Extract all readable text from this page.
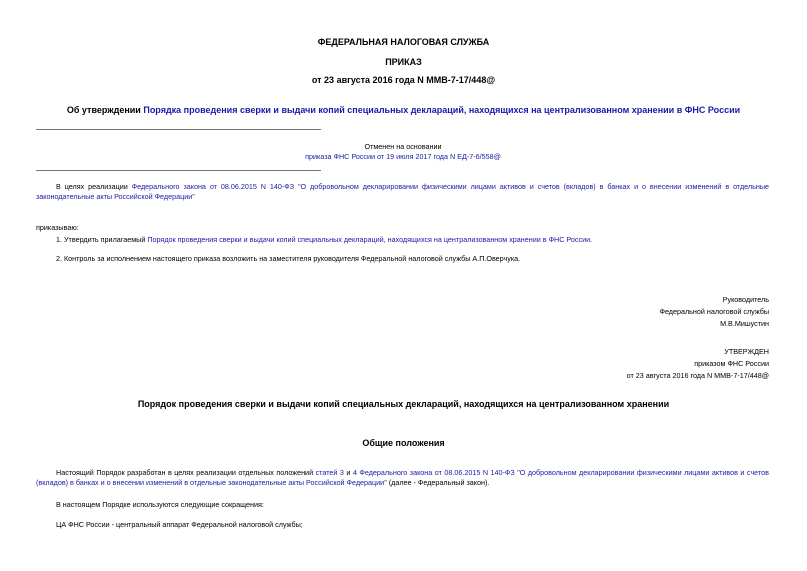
ФЕДЕРАЛЬНАЯ НАЛОГОВАЯ СЛУЖБА
ПРИКАЗ
от 23 августа 2016 года N ММВ-7-17/448@
Об утверждении Порядка проведения сверки и выдачи копий специальных деклараций, находящихся на централизованном хранении в ФНС России
Отменен на основании
приказа ФНС России от 19 июля 2017 года N ЕД-7-6/558@
В целях реализации Федерального закона от 08.06.2015 N 140-ФЗ "О добровольном декларировании физическими лицами активов и счетов (вкладов) в банках и о внесении изменений в отдельные законодательные акты Российской Федерации"
приказываю:
1. Утвердить прилагаемый Порядок проведения сверки и выдачи копий специальных деклараций, находящихся на централизованном хранении в ФНС России.
2. Контроль за исполнением настоящего приказа возложить на заместителя руководителя Федеральной налоговой службы А.П.Оверчука.
Руководитель
Федеральной налоговой службы
М.В.Мишустин
УТВЕРЖДЕН
приказом ФНС России
от 23 августа 2016 года N ММВ-7-17/448@
Порядок проведения сверки и выдачи копий специальных деклараций, находящихся на централизованном хранении
Общие положения
Настоящий Порядок разработан в целях реализации отдельных положений статей 3 и 4 Федерального закона от 08.06.2015 N 140-ФЗ "О добровольном декларировании физическими лицами активов и счетов (вкладов) в банках и о внесении изменений в отдельные законодательные акты Российской Федерации" (далее - Федеральный закон).
В настоящем Порядке используются следующие сокращения:
ЦА ФНС России - центральный аппарат Федеральной налоговой службы;
